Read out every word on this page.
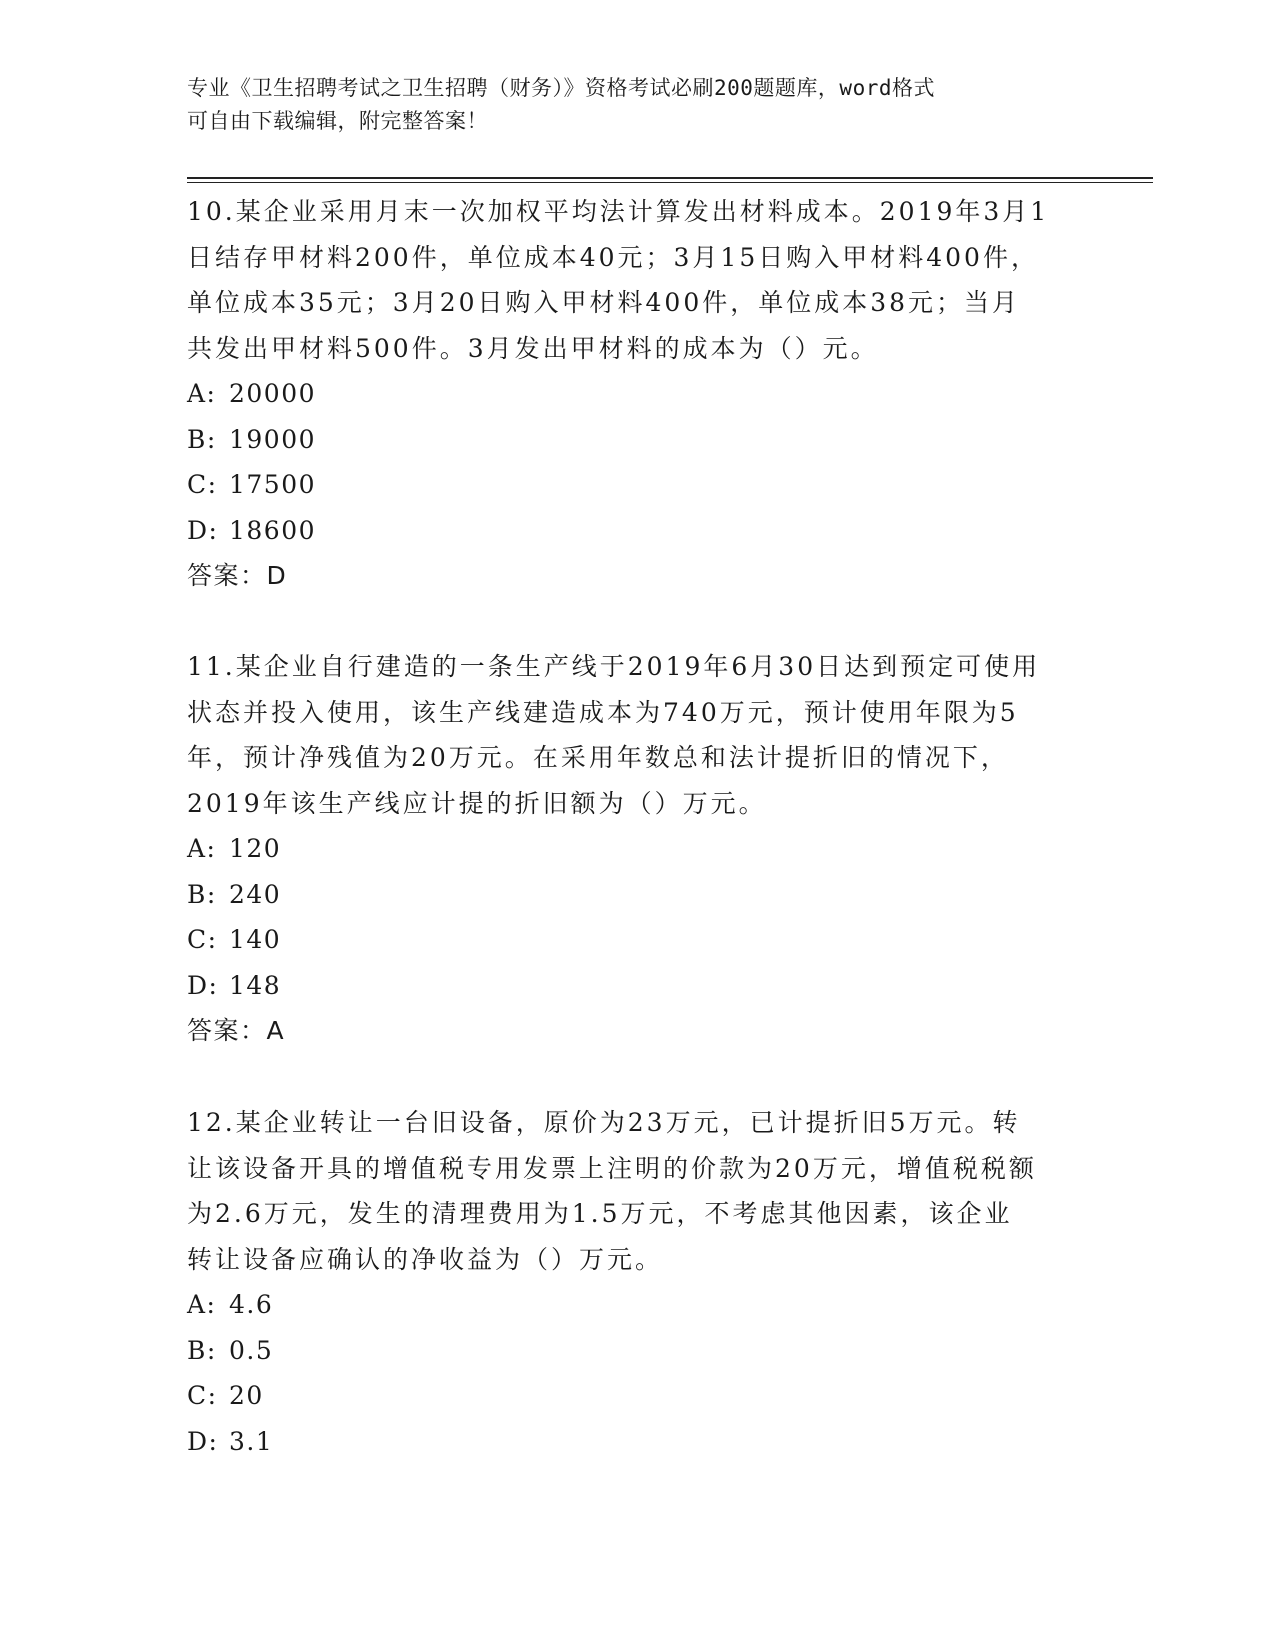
专业《卫生招聘考试之卫生招聘（财务）》资格考试必刷200题题库，word格式
可自由下载编辑，附完整答案！

10.某企业采用月末一次加权平均法计算发出材料成本。2019年3月1

日结存甲材料200件，单位成本40元；3月15日购入甲材料400件，

单位成本35元；3月20日购入甲材料400件，单位成本38元；当月

共发出甲材料500件。3月发出甲材料的成本为（）元。

A: 20000

B: 19000

C: 17500

D: 18600

答案：D

11.某企业自行建造的一条生产线于2019年6月30日达到预定可使用

状态并投入使用，该生产线建造成本为740万元，预计使用年限为5

年，预计净残值为20万元。在采用年数总和法计提折旧的情况下，

2019年该生产线应计提的折旧额为（）万元。

A: 120

B: 240

C: 140

D: 148

答案：A

12.某企业转让一台旧设备，原价为23万元，已计提折旧5万元。转

让该设备开具的增值税专用发票上注明的价款为20万元，增值税税额

为2.6万元，发生的清理费用为1.5万元，不考虑其他因素，该企业

转让设备应确认的净收益为（）万元。

A: 4.6

B: 0.5

C: 20

D: 3.1
